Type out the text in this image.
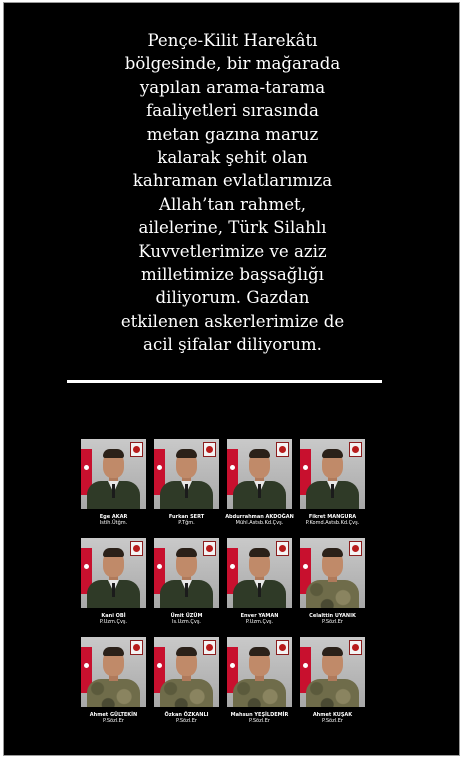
Pençe-Kilit Harekâtı
bölgesinde, bir mağarada
yapılan arama-tarama
faaliyetleri sırasında
metan gazına maruz
kalarak şehit olan
kahraman evlatlarımıza
Allah’tan rahmet,
ailelerine, Türk Silahlı
Kuvvetlerimize ve aziz
milletimize başsağlığı
diliyorum. Gazdan
etkilenen askerlerimize de
acil şifalar diliyorum.
Ege AKAR
Istih.Ütğm.
Furkan SERT
P.Tğm.
Abdurrahman AKDOĞAN
Mühl.Astsb.Kd.Çvş.
Fikret MANGURA
P.Komd.Astsb.Kd.Çvş.
Kani OBİ
P.Uzm.Çvş.
Ümit ÜZÜM
Is.Uzm.Çvş.
Enver YAMAN
P.Uzm.Çvş.
Celalttin UYANIK
P.Sözl.Er
Ahmet GÜLTEKİN
P.Sözl.Er
Özkan ÖZKANLI
P.Sözl.Er
Mahsun YEŞİLDEMİR
P.Sözl.Er
Ahmet KUŞAK
P.Sözl.Er
